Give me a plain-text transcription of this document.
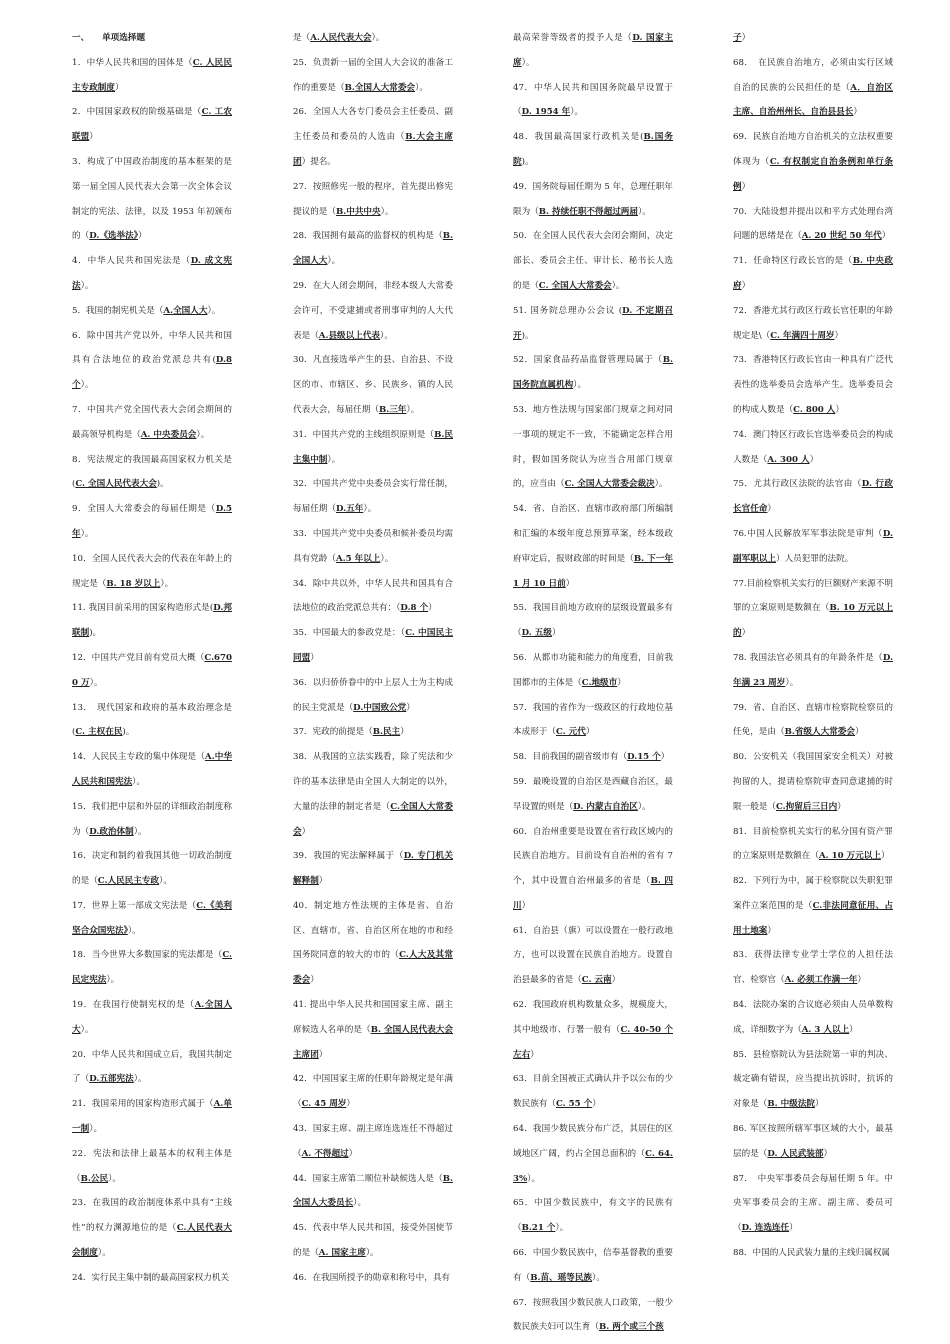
一、　　单项选择题

1．中华人民共和国的国体是（C. 人民民主专政制度）

2．中国国家政权的阶级基础是（C. 工农联盟）

3．构成了中国政治制度的基本框架的是第一届全国人民代表大会第一次全体会议制定的宪法、法律，以及 1953 年初颁布的（D.《选举法》）

4．中华人民共和国宪法是（D. 成文宪法）。

5．我国的制宪机关是（A.全国人大）。

6．除中国共产党以外，中华人民共和国具有合法地位的政治党派总共有(D.8 个）。

7．中国共产党全国代表大会闭会期间的最高领导机构是（A. 中央委员会）。

8．宪法规定的我国最高国家权力机关是(C. 全国人民代表大会)。

9．全国人大常委会的每届任期是（D.5 年）。

10．全国人民代表大会的代表在年龄上的规定是（B. 18 岁以上）。

11. 我国目前采用的国家构造形式是(D.邦联制)。

12．中国共产党目前有党员大概（C.6700 万）。

13．　现代国家和政府的基本政治理念是(C. 主权在民)。

14．人民民主专政的集中体现是（A.中华人民共和国宪法）。

15．我们把中层和外层的详细政治制度称为（D.政治体制）。

16．决定和制约着我国其他一切政治制度的是（C.人民民主专政）。

17．世界上第一部成文宪法是（C.《美利坚合众国宪法》）。

18．当今世界大多数国家的宪法都是（C. 民定宪法）。

19．在我国行使制宪权的是（A.全国人大）。

20．中华人民共和国成立后，我国共制定了（D.五部宪法）。

21．我国采用的国家构造形式属于（A.单一制）。

22．宪法和法律上最基本的权利主体是（B.公民）。

23．在我国的政治制度体系中具有“主线性”的权力渊源地位的是（C.人民代表大会制度）。

24．实行民主集中制的最高国家权力机关

是（A.人民代表大会）。

25．负责新一届的全国人大会议的准备工作的重要是（B.全国人大常委会）。

26．全国人大各专门委员会主任委员、副主任委员和委员的人选由（B.大会主席团）提名。

27．按照修宪一般的程序，首先提出修宪提议的是（B.中共中央）。

28．我国拥有最高的监督权的机构是（B. 全国人大）。

29．在大人闭会期间，非经本级人大常委会许可，不受逮捕或者刑事审判的人大代表是（A.县级以上代表）。

30．凡直接选举产生的县、自治县、不设区的市、市辖区、乡、民族乡、镇的人民代表大会，每届任期（B.三年）。

31．中国共产党的主线组织原则是（B.民主集中制）。

32．中国共产党中央委员会实行常任制，每届任期（D.五年）。

33．中国共产党中央委员和候补委员均需具有党龄（A.5 年以上）。

34．除中共以外，中华人民共和国具有合法地位的政治党派总共有：（D.8 个）

35．中国最大的参政党是：（C. 中国民主同盟）

36．以归侨侨眷中的中上层人士为主构成的民主党派是（D.中国致公党）

37．宪政的前提是（B.民主）

38．从我国的立法实践看，除了宪法和少许的基本法律是由全国人大制定的以外，大量的法律的制定者是（C.全国人大常委会）

39．我国的宪法解释属于（D. 专门机关解释制）

40．制定地方性法规的主体是省、自治区、直辖市，省、自治区所在地的市和经国务院同意的较大的市的（C.人大及其常委会）

41. 提出中华人民共和国国家主席、副主席候选人名单的是（B. 全国人民代表大会主席团）

42．中国国家主席的任职年龄规定是年满（C. 45 周岁）

43．国家主席、副主席连选连任不得超过（A. 不得超过）

44．国家主席第二顺位补缺候选人是（B. 全国人大委员长）。

45．代表中华人民共和国，接受外国使节的是（A. 国家主席）。

46．在我国所授予的勋章和称号中，具有

最高荣誉等级者的授予人是（D. 国家主席）。

47．中华人民共和国国务院最早设置于（D. 1954 年）。

48．我国最高国家行政机关是(B.国务院)。

49．国务院每届任期为 5 年，总理任职年限为（B. 持续任职不得超过两届）。

50．在全国人民代表大会闭会期间，决定部长、委员会主任、审计长、秘书长人选的是（C. 全国人大常委会）。

51. 国务院总理办公会议 (D. 不定期召开)。

52．国家食品药品监督管理局属于（B. 国务院直属机构）。

53．地方性法规与国家部门规章之间对同一事项的规定不一致，不能确定怎样合用时，假如国务院认为应当合用部门规章的，应当由（C. 全国人大常委会裁决）。

54．省、自治区、直辖市政府部门所编制和汇编的本级年度总预算草案，经本级政府审定后，报财政部的时间是（B. 下一年 1 月 10 日前）

55．我国目前地方政府的层级设置最多有（D. 五级）

56．从都市功能和能力的角度看，目前我国都市的主体是（C.地级市）

57．我国的省作为一级政区的行政地位基本成形于（C. 元代）

58．目前我国的副省级市有（D.15 个）

59．最晚设置的自治区是西藏自治区，最早设置的则是（D. 内蒙古自治区）。

60．自治州重要是设置在省行政区域内的民族自治地方。目前设有自治州的省有 7 个，其中设置自治州最多的省是（B. 四川）

61．自治县（旗）可以设置在一般行政地方，也可以设置在民族自治地方。设置自治县最多的省是（C. 云南）

62．我国政府机构数量众多，规模庞大，其中地级市、行署一般有（C. 40-50 个左右）

63．目前全国被正式确认并予以公布的少数民族有（C. 55 个）

64．我国少数民族分布广泛，其居住的区域地区广阔，约占全国总面积的（C. 64.3%）。

65．中国少数民族中，有文字的民族有（B.21 个）。

66．中国少数民族中，信奉基督教的重要有（B.苗、瑶等民族）。

67．按照我国少数民族人口政策，一般少数民族夫妇可以生育（B. 两个或三个孩

子）

68．　在民族自治地方，必须由实行区域自治的民族的公民担任的是（A．自治区主席、自治州州长、自治县县长）

69．民族自治地方自治机关的立法权重要体现为（C. 有权制定自治条例和单行条例）

70．大陆设想并提出以和平方式处理台湾问题的思绪是在（A. 20 世纪 50 年代）

71．任命特区行政长官的是（B. 中央政府）

72．香港尤其行政区行政长官任职的年龄规定是\（C. 年满四十周岁）

73．香港特区行政长官由一种具有广泛代表性的选举委员会选举产生。选举委员会的构成人数是（C. 800 人）

74．澳门特区行政长官选举委员会的构成人数是（A. 300 人）

75．尤其行政区法院的法官由（D. 行政长官任命）

76.中国人民解放军军事法院是审判（D. 副军职以上）人员犯罪的法院。

77.目前检察机关实行的巨额财产来源不明罪的立案原则是数额在（B. 10 万元以上的）

78. 我国法官必须具有的年龄条件是（D. 年满 23 周岁）。

79．省、自治区、直辖市检察院检察员的任免，是由（B.省级人大常委会）

80．公安机关（我国国家安全机关）对被拘留的人，提请检察院审查同意逮捕的时限一般是（C.拘留后三日内）

81．目前检察机关实行的私分国有资产罪的立案原则是数额在（A. 10 万元以上）

82．下列行为中，属于检察院以失职犯罪案件立案范围的是（C.非法同意征用、占用土地案）

83．获得法律专业学士学位的人担任法官、检察官（A. 必须工作满一年）

84．法院办案的合议庭必须由人员单数构成，详细数字为（A. 3 人以上）

85．县检察院认为县法院第一审的判决、裁定确有错误，应当提出抗诉时，抗诉的对象是（B. 中级法院）

86. 军区按照所辖军事区域的大小，最基层的是（D. 人民武装部）

87．　中央军事委员会每届任期 5 年。中央军事委员会的主席、副主席、委员可（D. 连选连任）

88．中国的人民武装力量的主线归属权属
